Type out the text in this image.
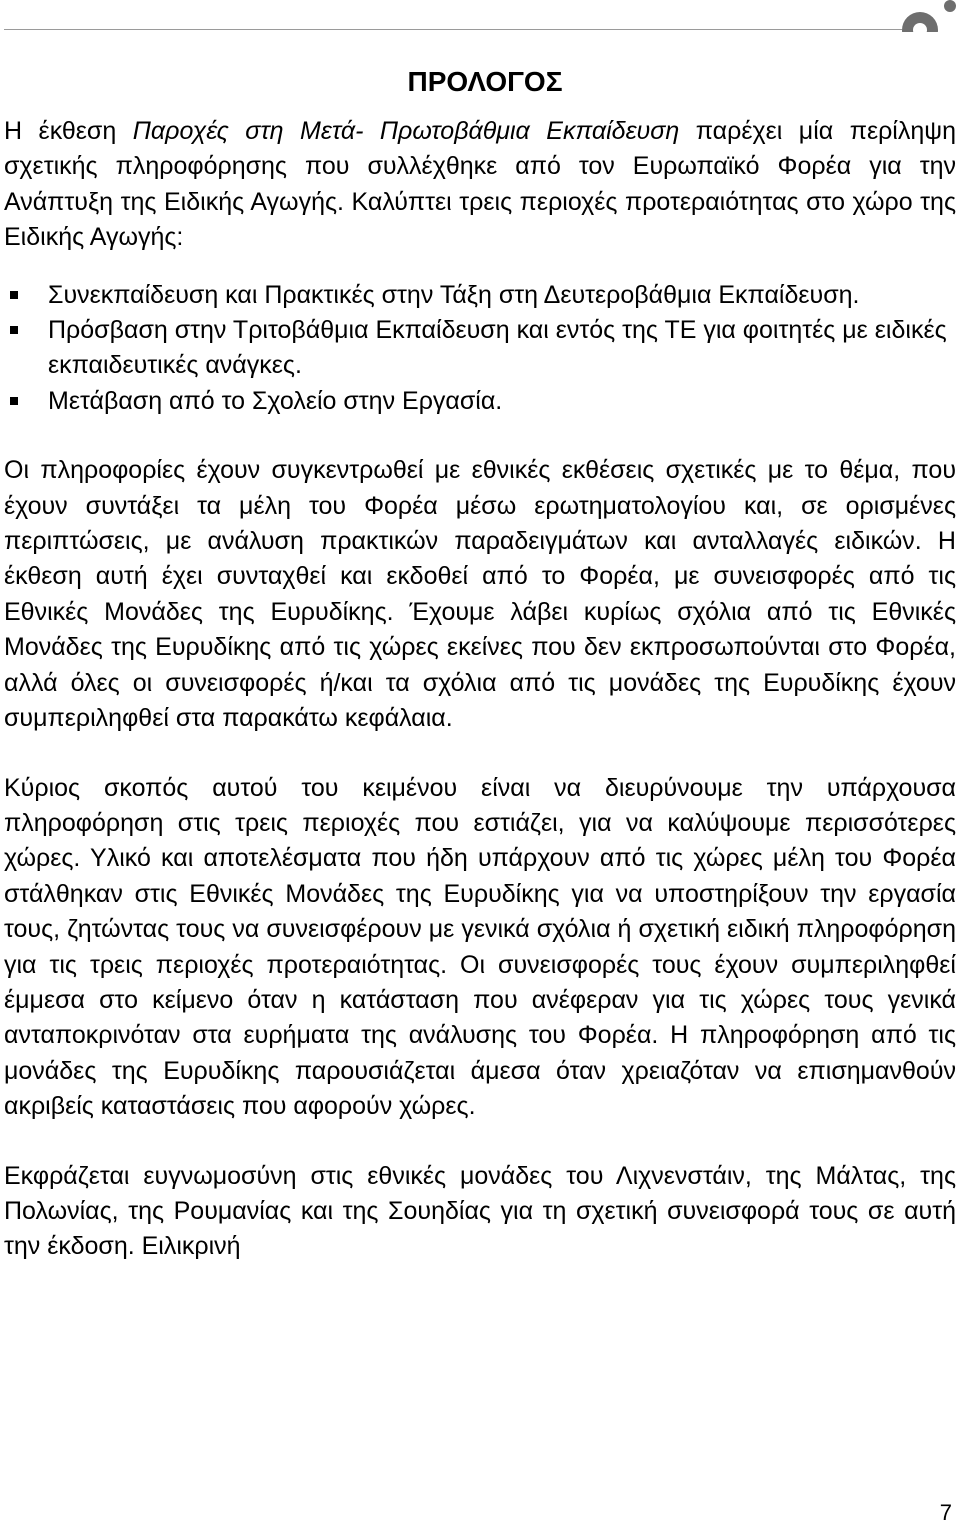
ΠΡΟΛΟΓΟΣ

Η έκθεση Παροχές στη Μετά- Πρωτοβάθμια Εκπαίδευση παρέχει μία περίληψη σχετικής πληροφόρησης που συλλέχθηκε από τον Ευρωπαϊκό Φορέα για την Ανάπτυξη της Ειδικής Αγωγής. Καλύπτει τρεις περιοχές προτεραιότητας στο χώρο της Ειδικής Αγωγής:

Συνεκπαίδευση και Πρακτικές στην Τάξη στη Δευτεροβάθμια Εκπαίδευση.
Πρόσβαση στην Τριτοβάθμια Εκπαίδευση και εντός της ΤΕ για φοιτητές με ειδικές εκπαιδευτικές ανάγκες.
Μετάβαση από το Σχολείο στην Εργασία.

Οι πληροφορίες έχουν συγκεντρωθεί με εθνικές εκθέσεις σχετικές με το θέμα, που έχουν συντάξει τα μέλη του Φορέα μέσω ερωτηματολογίου και, σε ορισμένες περιπτώσεις, με ανάλυση πρακτικών παραδειγμάτων και ανταλλαγές ειδικών. Η έκθεση αυτή έχει συνταχθεί και εκδοθεί από το Φορέα, με συνεισφορές από τις Εθνικές Μονάδες της Ευρυδίκης. Έχουμε λάβει κυρίως σχόλια από τις Εθνικές Μονάδες της Ευρυδίκης από τις χώρες εκείνες που δεν εκπροσωπούνται στο Φορέα, αλλά όλες οι συνεισφορές ή/και τα σχόλια από τις μονάδες της Ευρυδίκης έχουν συμπεριληφθεί στα παρακάτω κεφάλαια.

Κύριος σκοπός αυτού του κειμένου είναι να διευρύνουμε την υπάρχουσα πληροφόρηση στις τρεις περιοχές που εστιάζει, για να καλύψουμε περισσότερες χώρες. Υλικό και αποτελέσματα που ήδη υπάρχουν από τις χώρες μέλη του Φορέα στάλθηκαν στις Εθνικές Μονάδες της Ευρυδίκης για να υποστηρίξουν την εργασία τους, ζητώντας τους να συνεισφέρουν με γενικά σχόλια ή σχετική ειδική πληροφόρηση για τις τρεις περιοχές προτεραιότητας. Οι συνεισφορές τους έχουν συμπεριληφθεί έμμεσα στο κείμενο όταν η κατάσταση που ανέφεραν για τις χώρες τους γενικά ανταποκρινόταν στα ευρήματα της ανάλυσης του Φορέα. Η πληροφόρηση από τις μονάδες της Ευρυδίκης παρουσιάζεται άμεσα όταν χρειαζόταν να επισημανθούν ακριβείς καταστάσεις που αφορούν χώρες.

Εκφράζεται ευγνωμοσύνη στις εθνικές μονάδες του Λιχνενστάιν, της Μάλτας, της Πολωνίας, της Ρουμανίας και της Σουηδίας για τη σχετική συνεισφορά τους σε αυτή την έκδοση. Ειλικρινή

7
